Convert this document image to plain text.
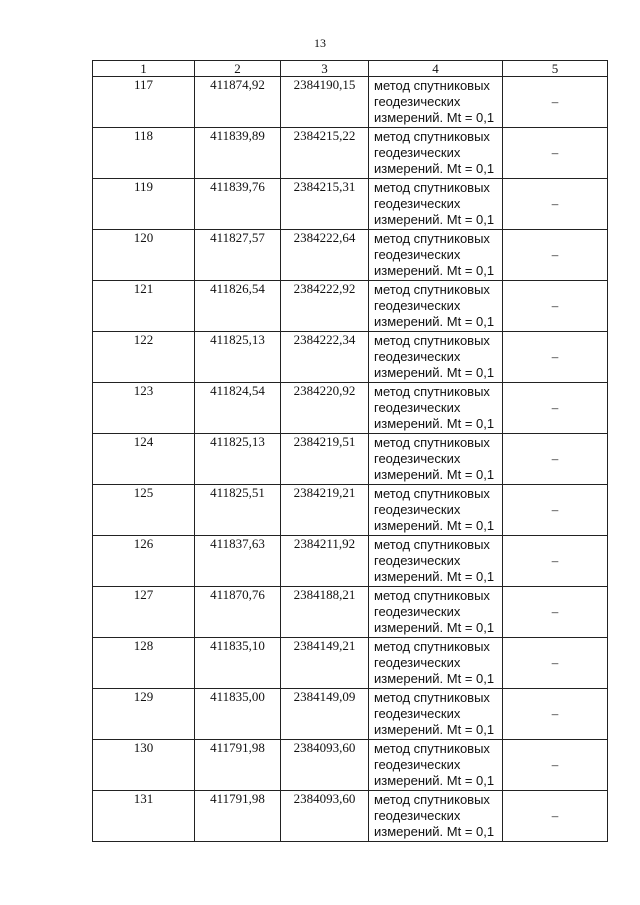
13
1	2	3	4	5
117	411874,92	2384190,15	метод спутниковых
геодезических
измерений. Mt = 0,1	–
118	411839,89	2384215,22	метод спутниковых
геодезических
измерений. Mt = 0,1	–
119	411839,76	2384215,31	метод спутниковых
геодезических
измерений. Mt = 0,1	–
120	411827,57	2384222,64	метод спутниковых
геодезических
измерений. Mt = 0,1	–
121	411826,54	2384222,92	метод спутниковых
геодезических
измерений. Mt = 0,1	–
122	411825,13	2384222,34	метод спутниковых
геодезических
измерений. Mt = 0,1	–
123	411824,54	2384220,92	метод спутниковых
геодезических
измерений. Mt = 0,1	–
124	411825,13	2384219,51	метод спутниковых
геодезических
измерений. Mt = 0,1	–
125	411825,51	2384219,21	метод спутниковых
геодезических
измерений. Mt = 0,1	–
126	411837,63	2384211,92	метод спутниковых
геодезических
измерений. Mt = 0,1	–
127	411870,76	2384188,21	метод спутниковых
геодезических
измерений. Mt = 0,1	–
128	411835,10	2384149,21	метод спутниковых
геодезических
измерений. Mt = 0,1	–
129	411835,00	2384149,09	метод спутниковых
геодезических
измерений. Mt = 0,1	–
130	411791,98	2384093,60	метод спутниковых
геодезических
измерений. Mt = 0,1	–
131	411791,98	2384093,60	метод спутниковых
геодезических
измерений. Mt = 0,1	–
